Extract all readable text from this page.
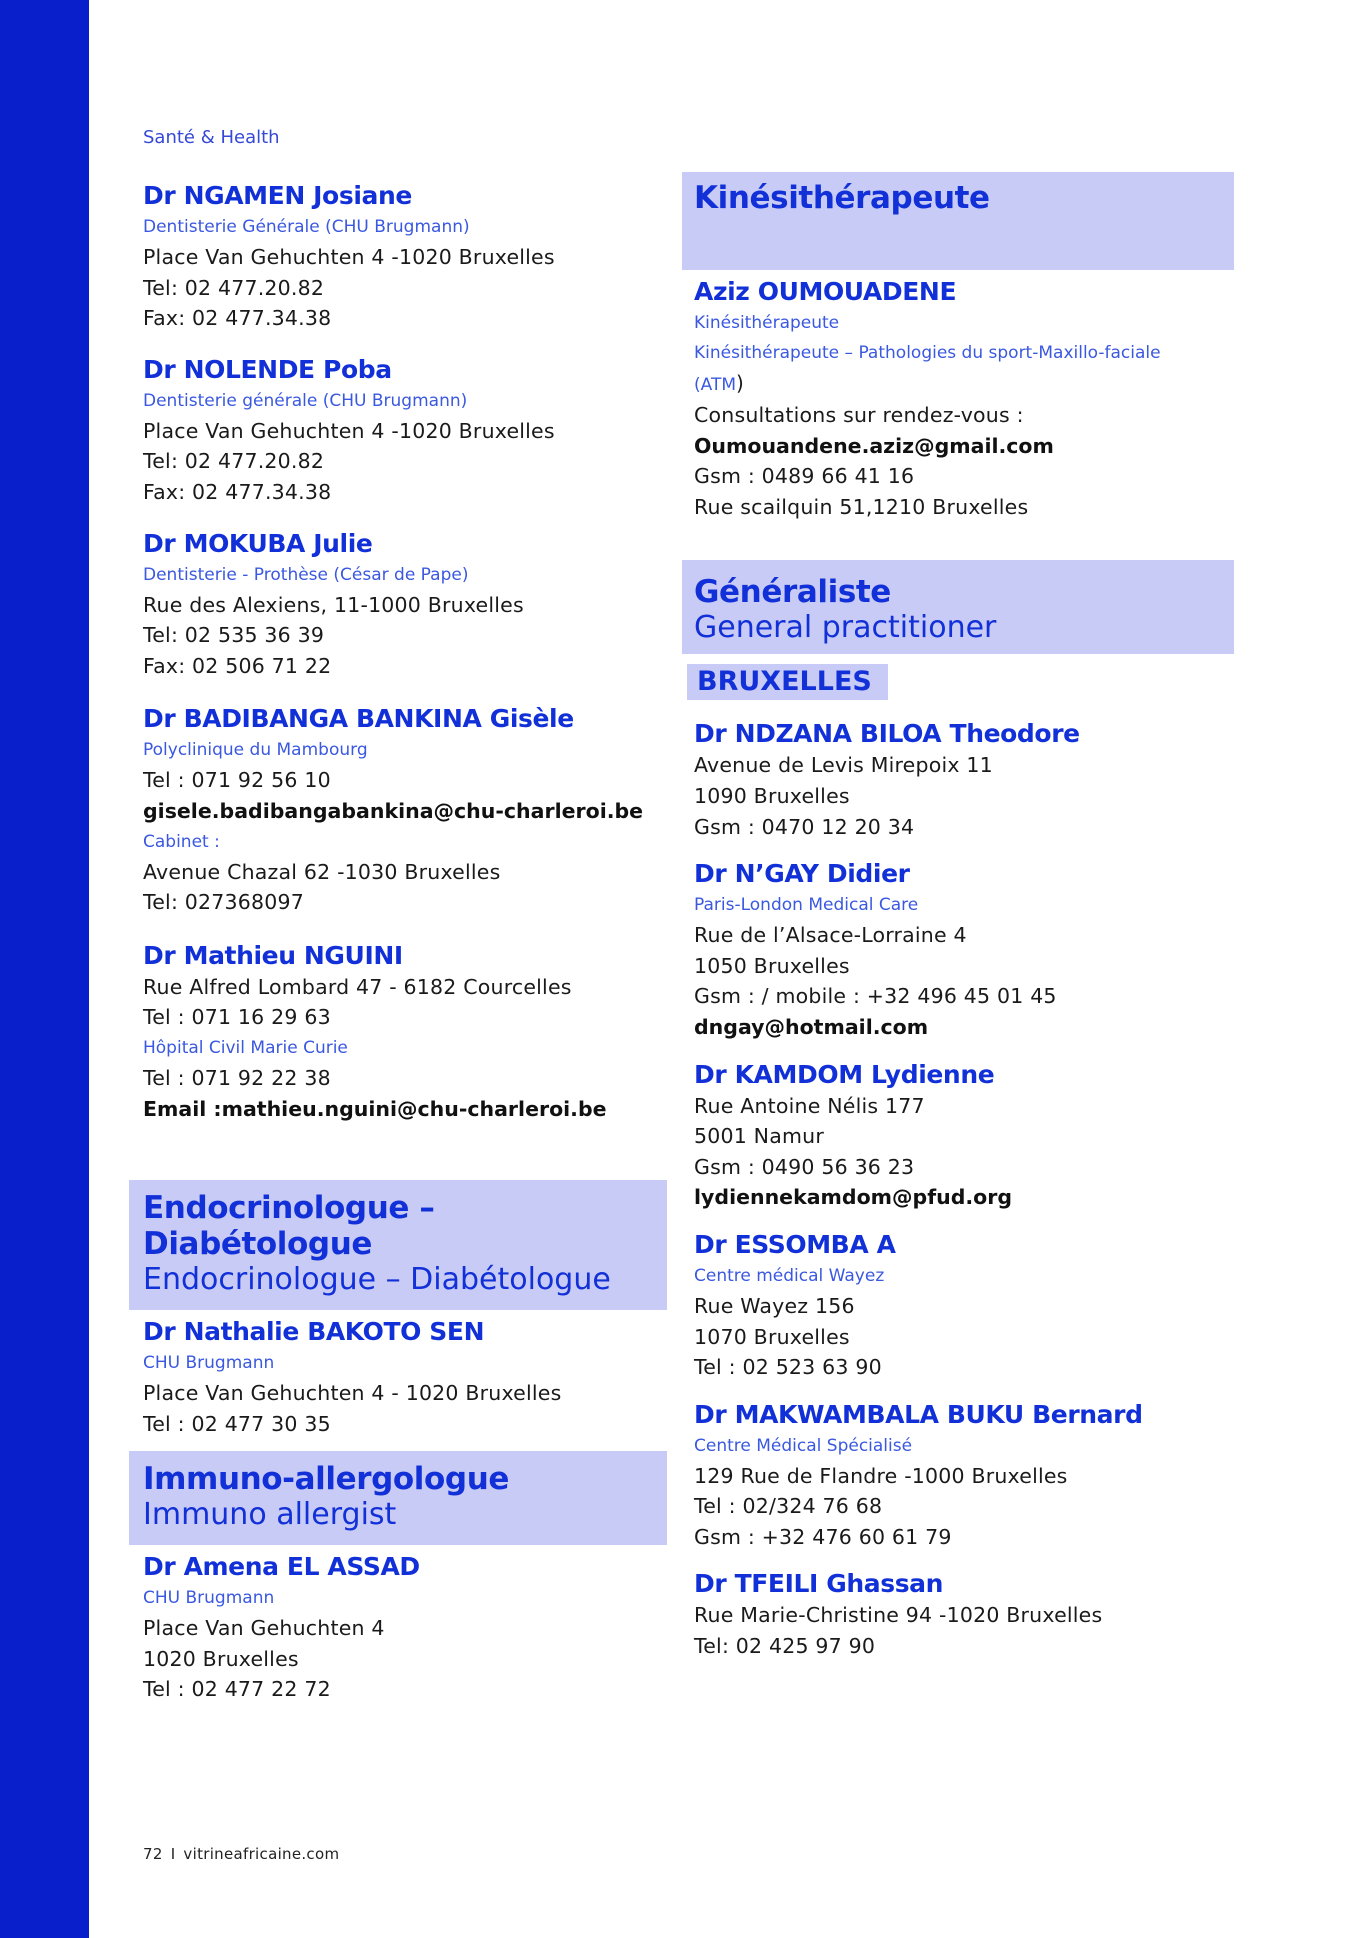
Santé & Health
Dr NGAMEN Josiane
Dentisterie Générale (CHU Brugmann)
Place Van Gehuchten 4 -1020 Bruxelles
Tel: 02 477.20.82
Fax: 02 477.34.38
Dr NOLENDE Poba
Dentisterie générale (CHU Brugmann)
Place Van Gehuchten 4 -1020 Bruxelles
Tel: 02 477.20.82
Fax: 02 477.34.38
Dr MOKUBA Julie
Dentisterie - Prothèse (César de Pape)
Rue des Alexiens, 11-1000 Bruxelles
Tel: 02 535 36 39
Fax: 02 506 71 22
Dr BADIBANGA BANKINA Gisèle
Polyclinique du Mambourg
Tel : 071 92 56 10
gisele.badibangabankina@chu-charleroi.be
Cabinet :
Avenue Chazal 62 -1030 Bruxelles
Tel: 027368097
Dr Mathieu NGUINI
Rue Alfred Lombard 47 - 6182 Courcelles
Tel : 071 16 29 63
Hôpital Civil Marie Curie
Tel : 071 92 22 38
Email :mathieu.nguini@chu-charleroi.be
Endocrinologue – Diabétologue
Endocrinologue – Diabétologue
Dr Nathalie BAKOTO SEN
CHU Brugmann
Place Van Gehuchten 4 - 1020 Bruxelles
Tel : 02 477 30 35
Immuno-allergologue
Immuno allergist
Dr Amena EL ASSAD
CHU Brugmann
Place Van Gehuchten 4
1020 Bruxelles
Tel : 02 477 22 72
Kinésithérapeute
Aziz OUMOUADENE
Kinésithérapeute
Kinésithérapeute – Pathologies du sport-Maxillo-faciale
(ATM)
Consultations sur rendez-vous :
Oumouandene.aziz@gmail.com
Gsm : 0489 66 41 16
Rue scailquin 51,1210 Bruxelles
Généraliste
General practitioner
BRUXELLES
Dr NDZANA BILOA Theodore
Avenue de Levis Mirepoix 11
1090 Bruxelles
Gsm : 0470 12 20 34
Dr N’GAY Didier
Paris-London Medical Care
Rue de l’Alsace-Lorraine 4
1050 Bruxelles
Gsm : / mobile : +32 496 45 01 45
dngay@hotmail.com
Dr KAMDOM Lydienne
Rue Antoine Nélis 177
5001 Namur
Gsm : 0490 56 36 23
lydiennekamdom@pfud.org
Dr ESSOMBA A
Centre médical Wayez
Rue Wayez 156
1070 Bruxelles
Tel : 02 523 63 90
Dr MAKWAMBALA BUKU Bernard
Centre Médical Spécialisé
129 Rue de Flandre -1000 Bruxelles
Tel : 02/324 76 68
Gsm : +32 476 60 61 79
Dr TFEILI Ghassan
Rue Marie-Christine 94 -1020 Bruxelles
Tel: 02 425 97 90
72 I vitrineafricaine.com
